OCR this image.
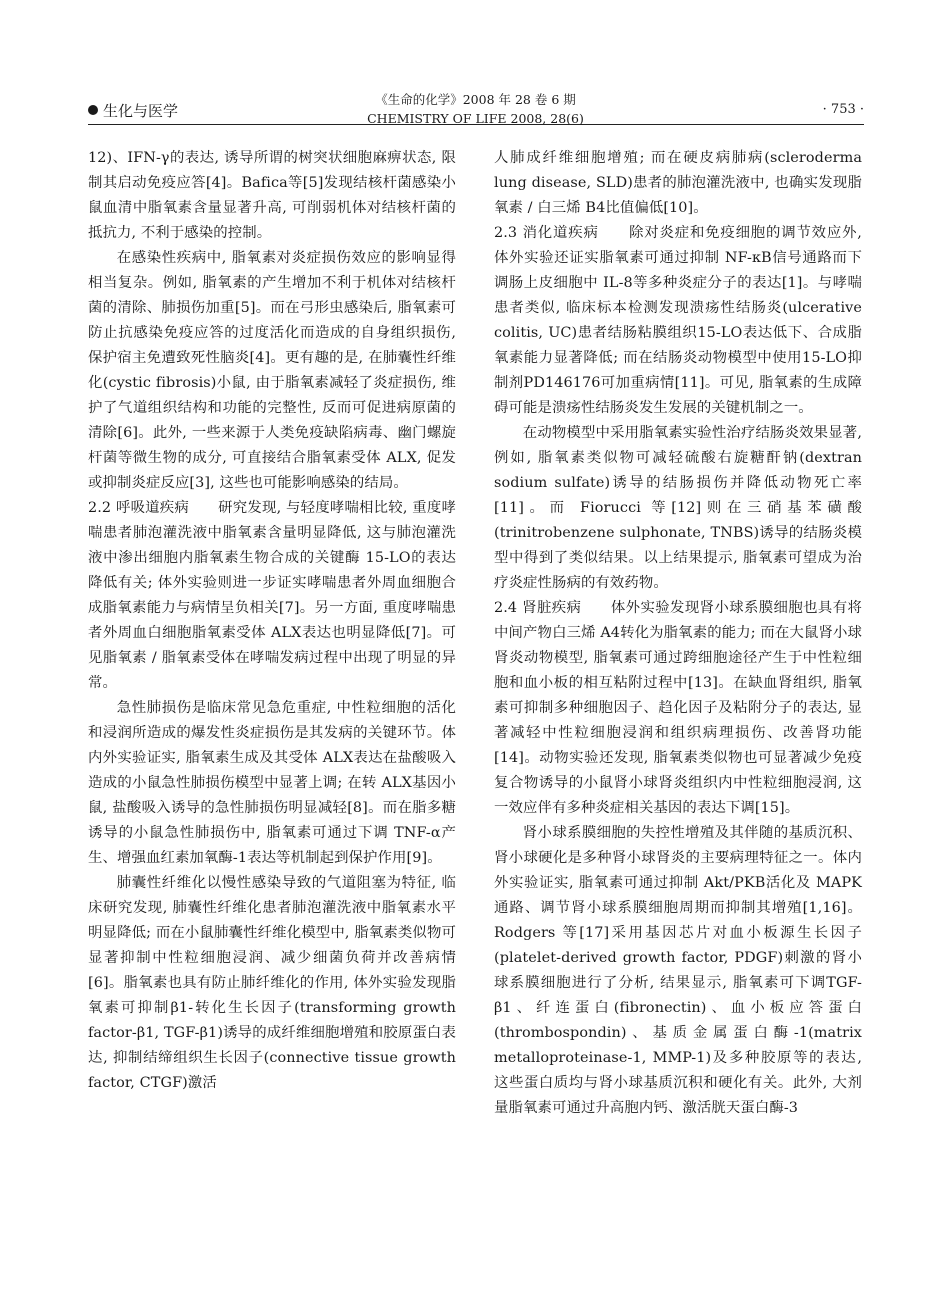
生化与医学
《生命的化学》2008 年 28 卷 6 期
CHEMISTRY OF LIFE 2008, 28(6)
· 753 ·

12)、IFN-γ的表达, 诱导所谓的树突状细胞麻痹状态, 限制其启动免疫应答[4]。Bafica等[5]发现结核杆菌感染小鼠血清中脂氧素含量显著升高, 可削弱机体对结核杆菌的抵抗力, 不利于感染的控制。

在感染性疾病中, 脂氧素对炎症损伤效应的影响显得相当复杂。例如, 脂氧素的产生增加不利于机体对结核杆菌的清除、肺损伤加重[5]。而在弓形虫感染后, 脂氧素可防止抗感染免疫应答的过度活化而造成的自身组织损伤, 保护宿主免遭致死性脑炎[4]。更有趣的是, 在肺囊性纤维化(cystic fibrosis)小鼠, 由于脂氧素减轻了炎症损伤, 维护了气道组织结构和功能的完整性, 反而可促进病原菌的清除[6]。此外, 一些来源于人类免疫缺陷病毒、幽门螺旋杆菌等微生物的成分, 可直接结合脂氧素受体 ALX, 促发或抑制炎症反应[3], 这些也可能影响感染的结局。

2.2 呼吸道疾病　　研究发现, 与轻度哮喘相比较, 重度哮喘患者肺泡灌洗液中脂氧素含量明显降低, 这与肺泡灌洗液中渗出细胞内脂氧素生物合成的关键酶 15-LO的表达降低有关; 体外实验则进一步证实哮喘患者外周血细胞合成脂氧素能力与病情呈负相关[7]。另一方面, 重度哮喘患者外周血白细胞脂氧素受体 ALX表达也明显降低[7]。可见脂氧素 / 脂氧素受体在哮喘发病过程中出现了明显的异常。

急性肺损伤是临床常见急危重症, 中性粒细胞的活化和浸润所造成的爆发性炎症损伤是其发病的关键环节。体内外实验证实, 脂氧素生成及其受体 ALX表达在盐酸吸入造成的小鼠急性肺损伤模型中显著上调; 在转 ALX基因小鼠, 盐酸吸入诱导的急性肺损伤明显减轻[8]。而在脂多糖诱导的小鼠急性肺损伤中, 脂氧素可通过下调 TNF-α产生、增强血红素加氧酶-1表达等机制起到保护作用[9]。

肺囊性纤维化以慢性感染导致的气道阻塞为特征, 临床研究发现, 肺囊性纤维化患者肺泡灌洗液中脂氧素水平明显降低; 而在小鼠肺囊性纤维化模型中, 脂氧素类似物可显著抑制中性粒细胞浸润、减少细菌负荷并改善病情[6]。脂氧素也具有防止肺纤维化的作用, 体外实验发现脂氧素可抑制β1-转化生长因子(transforming growth factor-β1, TGF-β1)诱导的成纤维细胞增殖和胶原蛋白表达, 抑制结缔组织生长因子(connective tissue growth factor, CTGF)激活

人肺成纤维细胞增殖; 而在硬皮病肺病(scleroderma lung disease, SLD)患者的肺泡灌洗液中, 也确实发现脂氧素 / 白三烯 B4比值偏低[10]。

2.3 消化道疾病　　除对炎症和免疫细胞的调节效应外, 体外实验还证实脂氧素可通过抑制 NF-κB信号通路而下调肠上皮细胞中 IL-8等多种炎症分子的表达[1]。与哮喘患者类似, 临床标本检测发现溃疡性结肠炎(ulcerative colitis, UC)患者结肠粘膜组织15-LO表达低下、合成脂氧素能力显著降低; 而在结肠炎动物模型中使用15-LO抑制剂PD146176可加重病情[11]。可见, 脂氧素的生成障碍可能是溃疡性结肠炎发生发展的关键机制之一。

在动物模型中采用脂氧素实验性治疗结肠炎效果显著, 例如, 脂氧素类似物可减轻硫酸右旋糖酐钠(dextran sodium sulfate)诱导的结肠损伤并降低动物死亡率[11]。而 Fiorucci 等[12]则在三硝基苯磺酸(trinitrobenzene sulphonate, TNBS)诱导的结肠炎模型中得到了类似结果。以上结果提示, 脂氧素可望成为治疗炎症性肠病的有效药物。

2.4 肾脏疾病　　体外实验发现肾小球系膜细胞也具有将中间产物白三烯 A4转化为脂氧素的能力; 而在大鼠肾小球肾炎动物模型, 脂氧素可通过跨细胞途径产生于中性粒细胞和血小板的相互粘附过程中[13]。在缺血肾组织, 脂氧素可抑制多种细胞因子、趋化因子及粘附分子的表达, 显著减轻中性粒细胞浸润和组织病理损伤、改善肾功能[14]。动物实验还发现, 脂氧素类似物也可显著减少免疫复合物诱导的小鼠肾小球肾炎组织内中性粒细胞浸润, 这一效应伴有多种炎症相关基因的表达下调[15]。

肾小球系膜细胞的失控性增殖及其伴随的基质沉积、肾小球硬化是多种肾小球肾炎的主要病理特征之一。体内外实验证实, 脂氧素可通过抑制 Akt/PKB活化及 MAPK通路、调节肾小球系膜细胞周期而抑制其增殖[1,16]。Rodgers 等[17]采用基因芯片对血小板源生长因子(platelet-derived growth factor, PDGF)刺激的肾小球系膜细胞进行了分析, 结果显示, 脂氧素可下调TGF-β1、纤连蛋白(fibronectin)、血小板应答蛋白(thrombospondin)、基质金属蛋白酶-1(matrix metalloproteinase-1, MMP-1)及多种胶原等的表达, 这些蛋白质均与肾小球基质沉积和硬化有关。此外, 大剂量脂氧素可通过升高胞内钙、激活胱天蛋白酶-3
